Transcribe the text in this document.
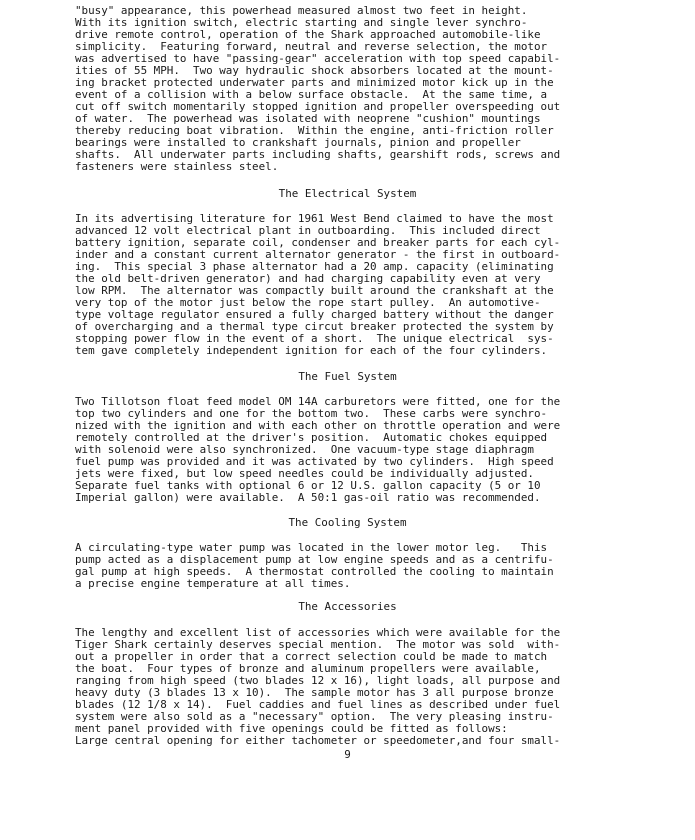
"busy" appearance, this powerhead measured almost two feet in height.
With its ignition switch, electric starting and single lever synchro-
drive remote control, operation of the Shark approached automobile-like
simplicity.  Featuring forward, neutral and reverse selection, the motor
was advertised to have "passing-gear" acceleration with top speed capabil-
ities of 55 MPH.  Two way hydraulic shock absorbers located at the mount-
ing bracket protected underwater parts and minimized motor kick up in the
event of a collision with a below surface obstacle.  At the same time, a
cut off switch momentarily stopped ignition and propeller overspeeding out
of water.  The powerhead was isolated with neoprene "cushion" mountings
thereby reducing boat vibration.  Within the engine, anti-friction roller
bearings were installed to crankshaft journals, pinion and propeller
shafts.  All underwater parts including shafts, gearshift rods, screws and
fasteners were stainless steel.
The Electrical System
In its advertising literature for 1961 West Bend claimed to have the most
advanced 12 volt electrical plant in outboarding.  This included direct
battery ignition, separate coil, condenser and breaker parts for each cyl-
inder and a constant current alternator generator - the first in outboard-
ing.  This special 3 phase alternator had a 20 amp. capacity (eliminating
the old belt-driven generator) and had charging capability even at very
low RPM.  The alternator was compactly built around the crankshaft at the
very top of the motor just below the rope start pulley.  An automotive-
type voltage regulator ensured a fully charged battery without the danger
of overcharging and a thermal type circut breaker protected the system by
stopping power flow in the event of a short.  The unique electrical  sys-
tem gave completely independent ignition for each of the four cylinders.
The Fuel System
Two Tillotson float feed model OM 14A carburetors were fitted, one for the
top two cylinders and one for the bottom two.  These carbs were synchro-
nized with the ignition and with each other on throttle operation and were
remotely controlled at the driver's position.  Automatic chokes equipped
with solenoid were also synchronized.  One vacuum-type stage diaphragm
fuel pump was provided and it was activated by two cylinders.  High speed
jets were fixed, but low speed needles could be individually adjusted.
Separate fuel tanks with optional 6 or 12 U.S. gallon capacity (5 or 10
Imperial gallon) were available.  A 50:1 gas-oil ratio was recommended.
The Cooling System
A circulating-type water pump was located in the lower motor leg.   This
pump acted as a displacement pump at low engine speeds and as a centrifu-
gal pump at high speeds.  A thermostat controlled the cooling to maintain
a precise engine temperature at all times.
The Accessories
The lengthy and excellent list of accessories which were available for the
Tiger Shark certainly deserves special mention.  The motor was sold  with-
out a propeller in order that a correct selection could be made to match
the boat.  Four types of bronze and aluminum propellers were available,
ranging from high speed (two blades 12 x 16), light loads, all purpose and
heavy duty (3 blades 13 x 10).  The sample motor has 3 all purpose bronze
blades (12 1/8 x 14).  Fuel caddies and fuel lines as described under fuel
system were also sold as a "necessary" option.  The very pleasing instru-
ment panel provided with five openings could be fitted as follows:
Large central opening for either tachometer or speedometer,and four small-
9
